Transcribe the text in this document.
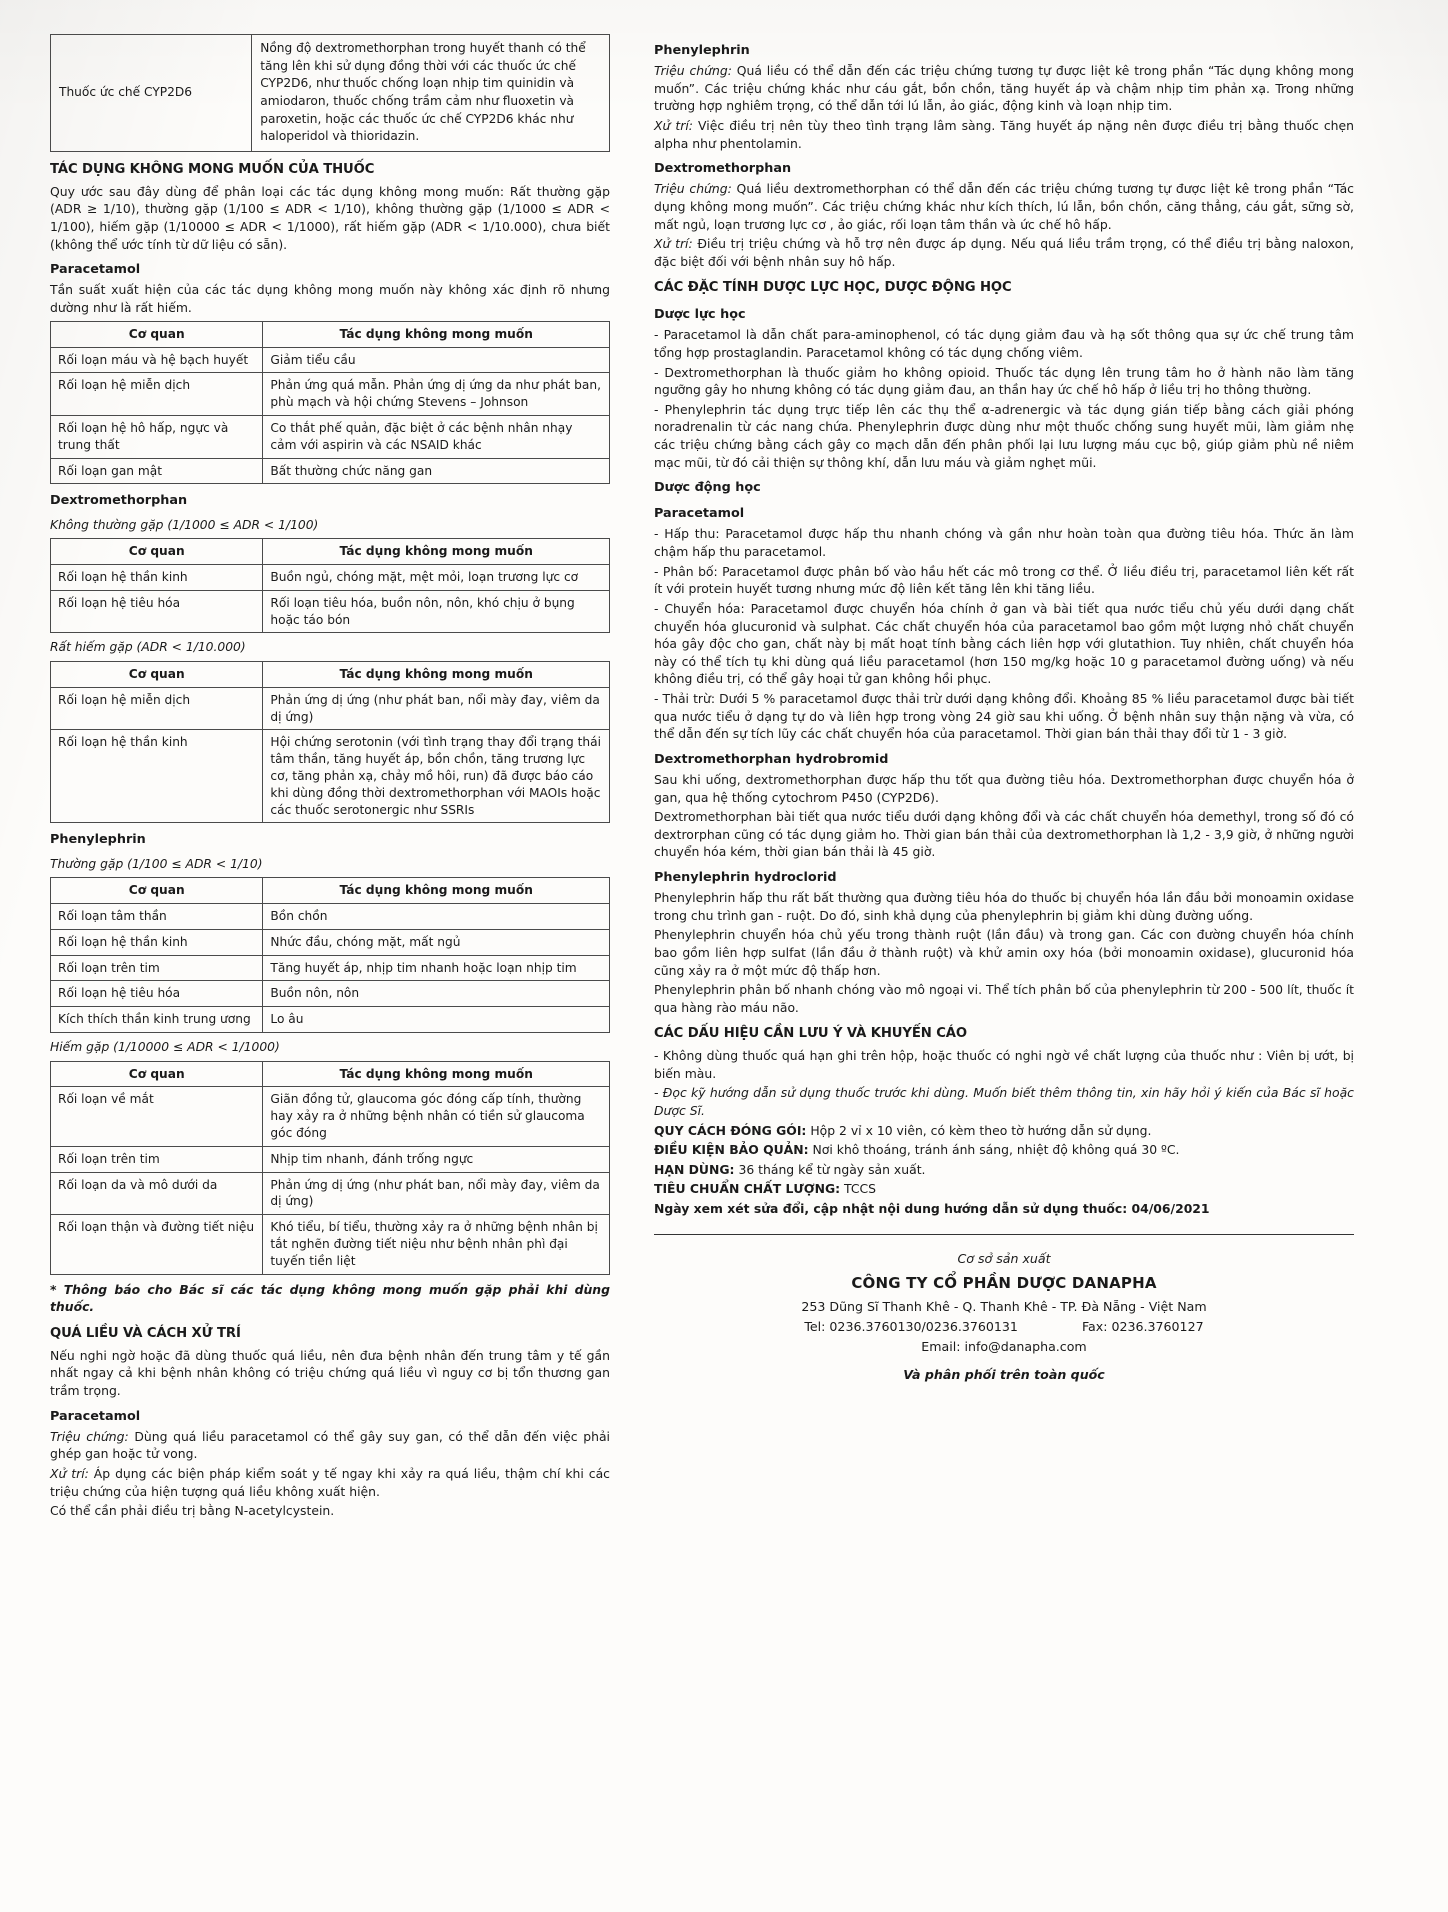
Thuốc ức chế CYP2D6	Nồng độ dextromethorphan trong huyết thanh có thể tăng lên khi sử dụng đồng thời với các thuốc ức chế CYP2D6, như thuốc chống loạn nhịp tim quinidin và amiodaron, thuốc chống trầm cảm như fluoxetin và paroxetin, hoặc các thuốc ức chế CYP2D6 khác như haloperidol và thioridazin.
TÁC DỤNG KHÔNG MONG MUỐN CỦA THUỐC

Quy ước sau đây dùng để phân loại các tác dụng không mong muốn: Rất thường gặp (ADR ≥ 1/10), thường gặp (1/100 ≤ ADR < 1/10), không thường gặp (1/1000 ≤ ADR < 1/100), hiếm gặp (1/10000 ≤ ADR < 1/1000), rất hiếm gặp (ADR < 1/10.000), chưa biết (không thể ước tính từ dữ liệu có sẵn).

Paracetamol

Tần suất xuất hiện của các tác dụng không mong muốn này không xác định rõ nhưng dường như là rất hiếm.

Cơ quan	Tác dụng không mong muốn
Rối loạn máu và hệ bạch huyết	Giảm tiểu cầu
Rối loạn hệ miễn dịch	Phản ứng quá mẫn. Phản ứng dị ứng da như phát ban, phù mạch và hội chứng Stevens – Johnson
Rối loạn hệ hô hấp, ngực và trung thất	Co thắt phế quản, đặc biệt ở các bệnh nhân nhạy cảm với aspirin và các NSAID khác
Rối loạn gan mật	Bất thường chức năng gan
Dextromethorphan
Không thường gặp (1/1000 ≤ ADR < 1/100)
Cơ quan	Tác dụng không mong muốn
Rối loạn hệ thần kinh	Buồn ngủ, chóng mặt, mệt mỏi, loạn trương lực cơ
Rối loạn hệ tiêu hóa	Rối loạn tiêu hóa, buồn nôn, nôn, khó chịu ở bụng hoặc táo bón
Rất hiếm gặp (ADR < 1/10.000)
Cơ quan	Tác dụng không mong muốn
Rối loạn hệ miễn dịch	Phản ứng dị ứng (như phát ban, nổi mày đay, viêm da dị ứng)
Rối loạn hệ thần kinh	Hội chứng serotonin (với tình trạng thay đổi trạng thái tâm thần, tăng huyết áp, bồn chồn, tăng trương lực cơ, tăng phản xạ, chảy mồ hôi, run) đã được báo cáo khi dùng đồng thời dextromethorphan với MAOIs hoặc các thuốc serotonergic như SSRIs
Phenylephrin
Thường gặp (1/100 ≤ ADR < 1/10)
Cơ quan	Tác dụng không mong muốn
Rối loạn tâm thần	Bồn chồn
Rối loạn hệ thần kinh	Nhức đầu, chóng mặt, mất ngủ
Rối loạn trên tim	Tăng huyết áp, nhịp tim nhanh hoặc loạn nhịp tim
Rối loạn hệ tiêu hóa	Buồn nôn, nôn
Kích thích thần kinh trung ương	Lo âu
Hiếm gặp (1/10000 ≤ ADR < 1/1000)
Cơ quan	Tác dụng không mong muốn
Rối loạn về mắt	Giãn đồng tử, glaucoma góc đóng cấp tính, thường hay xảy ra ở những bệnh nhân có tiền sử glaucoma góc đóng
Rối loạn trên tim	Nhịp tim nhanh, đánh trống ngực
Rối loạn da và mô dưới da	Phản ứng dị ứng (như phát ban, nổi mày đay, viêm da dị ứng)
Rối loạn thận và đường tiết niệu	Khó tiểu, bí tiểu, thường xảy ra ở những bệnh nhân bị tắt nghẽn đường tiết niệu như bệnh nhân phì đại tuyến tiền liệt

* Thông báo cho Bác sĩ các tác dụng không mong muốn gặp phải khi dùng thuốc.

QUÁ LIỀU VÀ CÁCH XỬ TRÍ

Nếu nghi ngờ hoặc đã dùng thuốc quá liều, nên đưa bệnh nhân đến trung tâm y tế gần nhất ngay cả khi bệnh nhân không có triệu chứng quá liều vì nguy cơ bị tổn thương gan trầm trọng.

Paracetamol

Triệu chứng: Dùng quá liều paracetamol có thể gây suy gan, có thể dẫn đến việc phải ghép gan hoặc tử vong.

Xử trí: Áp dụng các biện pháp kiểm soát y tế ngay khi xảy ra quá liều, thậm chí khi các triệu chứng của hiện tượng quá liều không xuất hiện.

Có thể cần phải điều trị bằng N-acetylcystein.

Phenylephrin

Triệu chứng: Quá liều có thể dẫn đến các triệu chứng tương tự được liệt kê trong phần “Tác dụng không mong muốn”. Các triệu chứng khác như cáu gắt, bồn chồn, tăng huyết áp và chậm nhịp tim phản xạ. Trong những trường hợp nghiêm trọng, có thể dẫn tới lú lẫn, ảo giác, động kinh và loạn nhịp tim.

Xử trí: Việc điều trị nên tùy theo tình trạng lâm sàng. Tăng huyết áp nặng nên được điều trị bằng thuốc chẹn alpha như phentolamin.

Dextromethorphan

Triệu chứng: Quá liều dextromethorphan có thể dẫn đến các triệu chứng tương tự được liệt kê trong phần “Tác dụng không mong muốn”. Các triệu chứng khác như kích thích, lú lẫn, bồn chồn, căng thẳng, cáu gắt, sững sờ, mất ngủ, loạn trương lực cơ , ảo giác, rối loạn tâm thần và ức chế hô hấp.

Xử trí: Điều trị triệu chứng và hỗ trợ nên được áp dụng. Nếu quá liều trầm trọng, có thể điều trị bằng naloxon, đặc biệt đối với bệnh nhân suy hô hấp.

CÁC ĐẶC TÍNH DƯỢC LỰC HỌC, DƯỢC ĐỘNG HỌC
Dược lực học

- Paracetamol là dẫn chất para-aminophenol, có tác dụng giảm đau và hạ sốt thông qua sự ức chế trung tâm tổng hợp prostaglandin. Paracetamol không có tác dụng chống viêm.

- Dextromethorphan là thuốc giảm ho không opioid. Thuốc tác dụng lên trung tâm ho ở hành não làm tăng ngưỡng gây ho nhưng không có tác dụng giảm đau, an thần hay ức chế hô hấp ở liều trị ho thông thường.

- Phenylephrin tác dụng trực tiếp lên các thụ thể α-adrenergic và tác dụng gián tiếp bằng cách giải phóng noradrenalin từ các nang chứa. Phenylephrin được dùng như một thuốc chống sung huyết mũi, làm giảm nhẹ các triệu chứng bằng cách gây co mạch dẫn đến phân phối lại lưu lượng máu cục bộ, giúp giảm phù nề niêm mạc mũi, từ đó cải thiện sự thông khí, dẫn lưu máu và giảm nghẹt mũi.

Dược động học
Paracetamol

- Hấp thu: Paracetamol được hấp thu nhanh chóng và gần như hoàn toàn qua đường tiêu hóa. Thức ăn làm chậm hấp thu paracetamol.

- Phân bố: Paracetamol được phân bố vào hầu hết các mô trong cơ thể. Ở liều điều trị, paracetamol liên kết rất ít với protein huyết tương nhưng mức độ liên kết tăng lên khi tăng liều.

- Chuyển hóa: Paracetamol được chuyển hóa chính ở gan và bài tiết qua nước tiểu chủ yếu dưới dạng chất chuyển hóa glucuronid và sulphat. Các chất chuyển hóa của paracetamol bao gồm một lượng nhỏ chất chuyển hóa gây độc cho gan, chất này bị mất hoạt tính bằng cách liên hợp với glutathion. Tuy nhiên, chất chuyển hóa này có thể tích tụ khi dùng quá liều paracetamol (hơn 150 mg/kg hoặc 10 g paracetamol đường uống) và nếu không điều trị, có thể gây hoại tử gan không hồi phục.

- Thải trừ: Dưới 5 % paracetamol được thải trừ dưới dạng không đổi. Khoảng 85 % liều paracetamol được bài tiết qua nước tiểu ở dạng tự do và liên hợp trong vòng 24 giờ sau khi uống. Ở bệnh nhân suy thận nặng và vừa, có thể dẫn đến sự tích lũy các chất chuyển hóa của paracetamol. Thời gian bán thải thay đổi từ 1 - 3 giờ.

Dextromethorphan hydrobromid

Sau khi uống, dextromethorphan được hấp thu tốt qua đường tiêu hóa. Dextromethorphan được chuyển hóa ở gan, qua hệ thống cytochrom P450 (CYP2D6).

Dextromethorphan bài tiết qua nước tiểu dưới dạng không đổi và các chất chuyển hóa demethyl, trong số đó có dextrorphan cũng có tác dụng giảm ho. Thời gian bán thải của dextromethorphan là 1,2 - 3,9 giờ, ở những người chuyển hóa kém, thời gian bán thải là 45 giờ.

Phenylephrin hydroclorid

Phenylephrin hấp thu rất bất thường qua đường tiêu hóa do thuốc bị chuyển hóa lần đầu bởi monoamin oxidase trong chu trình gan - ruột. Do đó, sinh khả dụng của phenylephrin bị giảm khi dùng đường uống.

Phenylephrin chuyển hóa chủ yếu trong thành ruột (lần đầu) và trong gan. Các con đường chuyển hóa chính bao gồm liên hợp sulfat (lần đầu ở thành ruột) và khử amin oxy hóa (bởi monoamin oxidase), glucuronid hóa cũng xảy ra ở một mức độ thấp hơn.

Phenylephrin phân bố nhanh chóng vào mô ngoại vi. Thể tích phân bố của phenylephrin từ 200 - 500 lít, thuốc ít qua hàng rào máu não.

CÁC DẤU HIỆU CẦN LƯU Ý VÀ KHUYẾN CÁO

- Không dùng thuốc quá hạn ghi trên hộp, hoặc thuốc có nghi ngờ về chất lượng của thuốc như : Viên bị ướt, bị biến màu.

- Đọc kỹ hướng dẫn sử dụng thuốc trước khi dùng. Muốn biết thêm thông tin, xin hãy hỏi ý kiến của Bác sĩ hoặc Dược Sĩ.

QUY CÁCH ĐÓNG GÓI: Hộp 2 vỉ x 10 viên, có kèm theo tờ hướng dẫn sử dụng.

ĐIỀU KIỆN BẢO QUẢN: Nơi khô thoáng, tránh ánh sáng, nhiệt độ không quá 30 ºC.

HẠN DÙNG: 36 tháng kể từ ngày sản xuất.

TIÊU CHUẨN CHẤT LƯỢNG: TCCS

Ngày xem xét sửa đổi, cập nhật nội dung hướng dẫn sử dụng thuốc: 04/06/2021

Cơ sở sản xuất
CÔNG TY CỔ PHẦN DƯỢC DANAPHA
253 Dũng Sĩ Thanh Khê - Q. Thanh Khê - TP. Đà Nẵng - Việt Nam
Tel: 0236.3760130/0236.3760131	Fax: 0236.3760127
Email: info@danapha.com
Và phân phối trên toàn quốc
